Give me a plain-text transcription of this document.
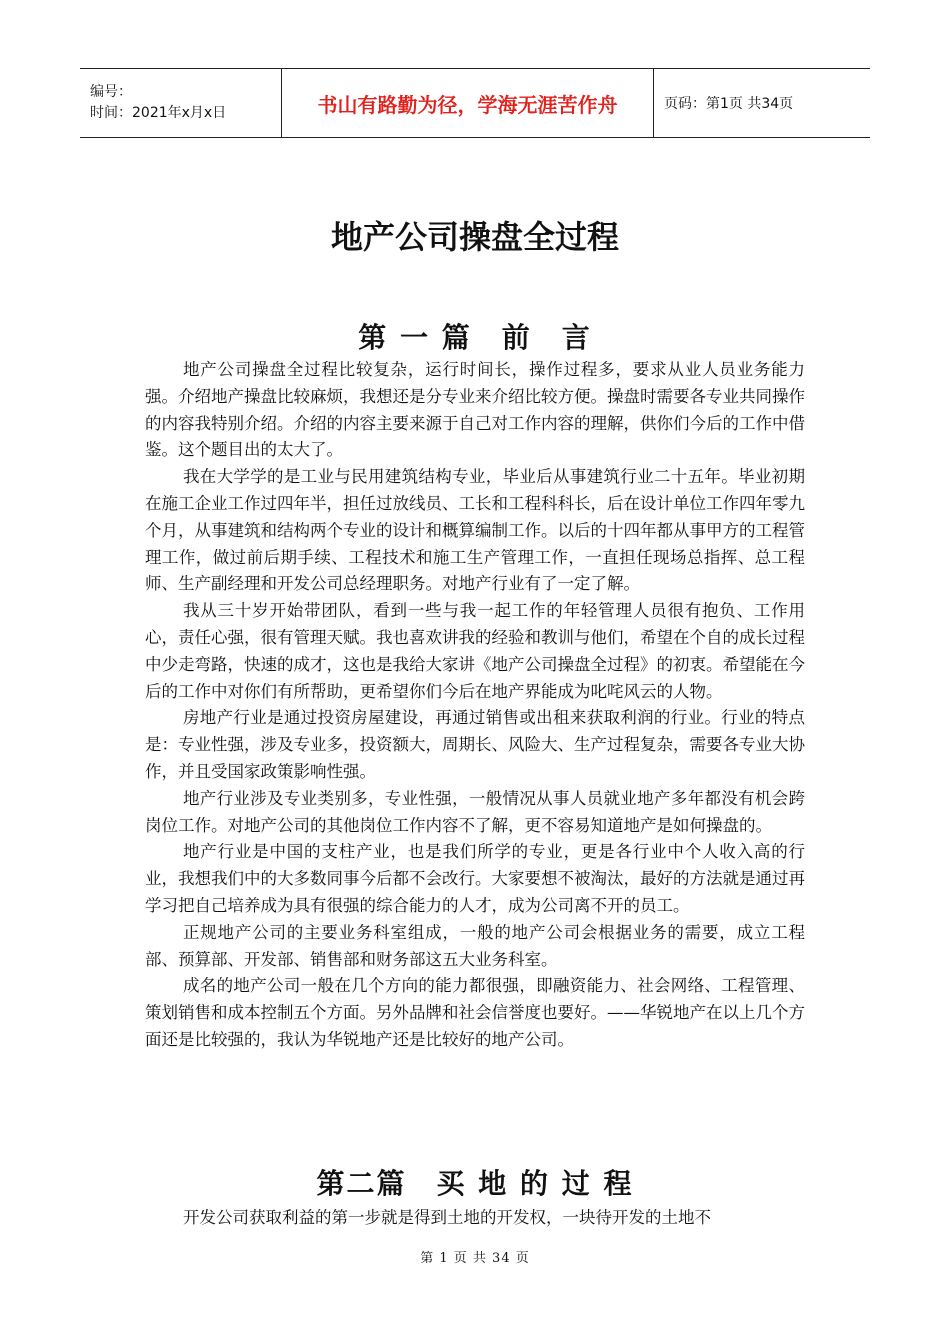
编号：
时间：2021年x月x日	书山有路勤为径，学海无涯苦作舟	页码：第1页 共34页
地产公司操盘全过程
第 一 篇　前　言

地产公司操盘全过程比较复杂，运行时间长，操作过程多，要求从业人员业务能力强。介绍地产操盘比较麻烦，我想还是分专业来介绍比较方便。操盘时需要各专业共同操作的内容我特别介绍。介绍的内容主要来源于自己对工作内容的理解，供你们今后的工作中借鉴。这个题目出的太大了。

我在大学学的是工业与民用建筑结构专业，毕业后从事建筑行业二十五年。毕业初期在施工企业工作过四年半，担任过放线员、工长和工程科科长，后在设计单位工作四年零九个月，从事建筑和结构两个专业的设计和概算编制工作。以后的十四年都从事甲方的工程管理工作，做过前后期手续、工程技术和施工生产管理工作，一直担任现场总指挥、总工程师、生产副经理和开发公司总经理职务。对地产行业有了一定了解。

我从三十岁开始带团队，看到一些与我一起工作的年轻管理人员很有抱负、工作用心，责任心强，很有管理天赋。我也喜欢讲我的经验和教训与他们，希望在个自的成长过程中少走弯路，快速的成才，这也是我给大家讲《地产公司操盘全过程》的初衷。希望能在今后的工作中对你们有所帮助，更希望你们今后在地产界能成为叱咤风云的人物。

房地产行业是通过投资房屋建设，再通过销售或出租来获取利润的行业。行业的特点是：专业性强，涉及专业多，投资额大，周期长、风险大、生产过程复杂，需要各专业大协作，并且受国家政策影响性强。

地产行业涉及专业类别多，专业性强，一般情况从事人员就业地产多年都没有机会跨岗位工作。对地产公司的其他岗位工作内容不了解，更不容易知道地产是如何操盘的。

地产行业是中国的支柱产业，也是我们所学的专业，更是各行业中个人收入高的行业，我想我们中的大多数同事今后都不会改行。大家要想不被淘汰，最好的方法就是通过再学习把自己培养成为具有很强的综合能力的人才，成为公司离不开的员工。

正规地产公司的主要业务科室组成，一般的地产公司会根据业务的需要，成立工程部、预算部、开发部、销售部和财务部这五大业务科室。

成名的地产公司一般在几个方向的能力都很强，即融资能力、社会网络、工程管理、策划销售和成本控制五个方面。另外品牌和社会信誉度也要好。——华锐地产在以上几个方面还是比较强的，我认为华锐地产还是比较好的地产公司。

第二篇　买 地 的 过 程

开发公司获取利益的第一步就是得到土地的开发权，一块待开发的土地不

第 1 页 共 34 页
